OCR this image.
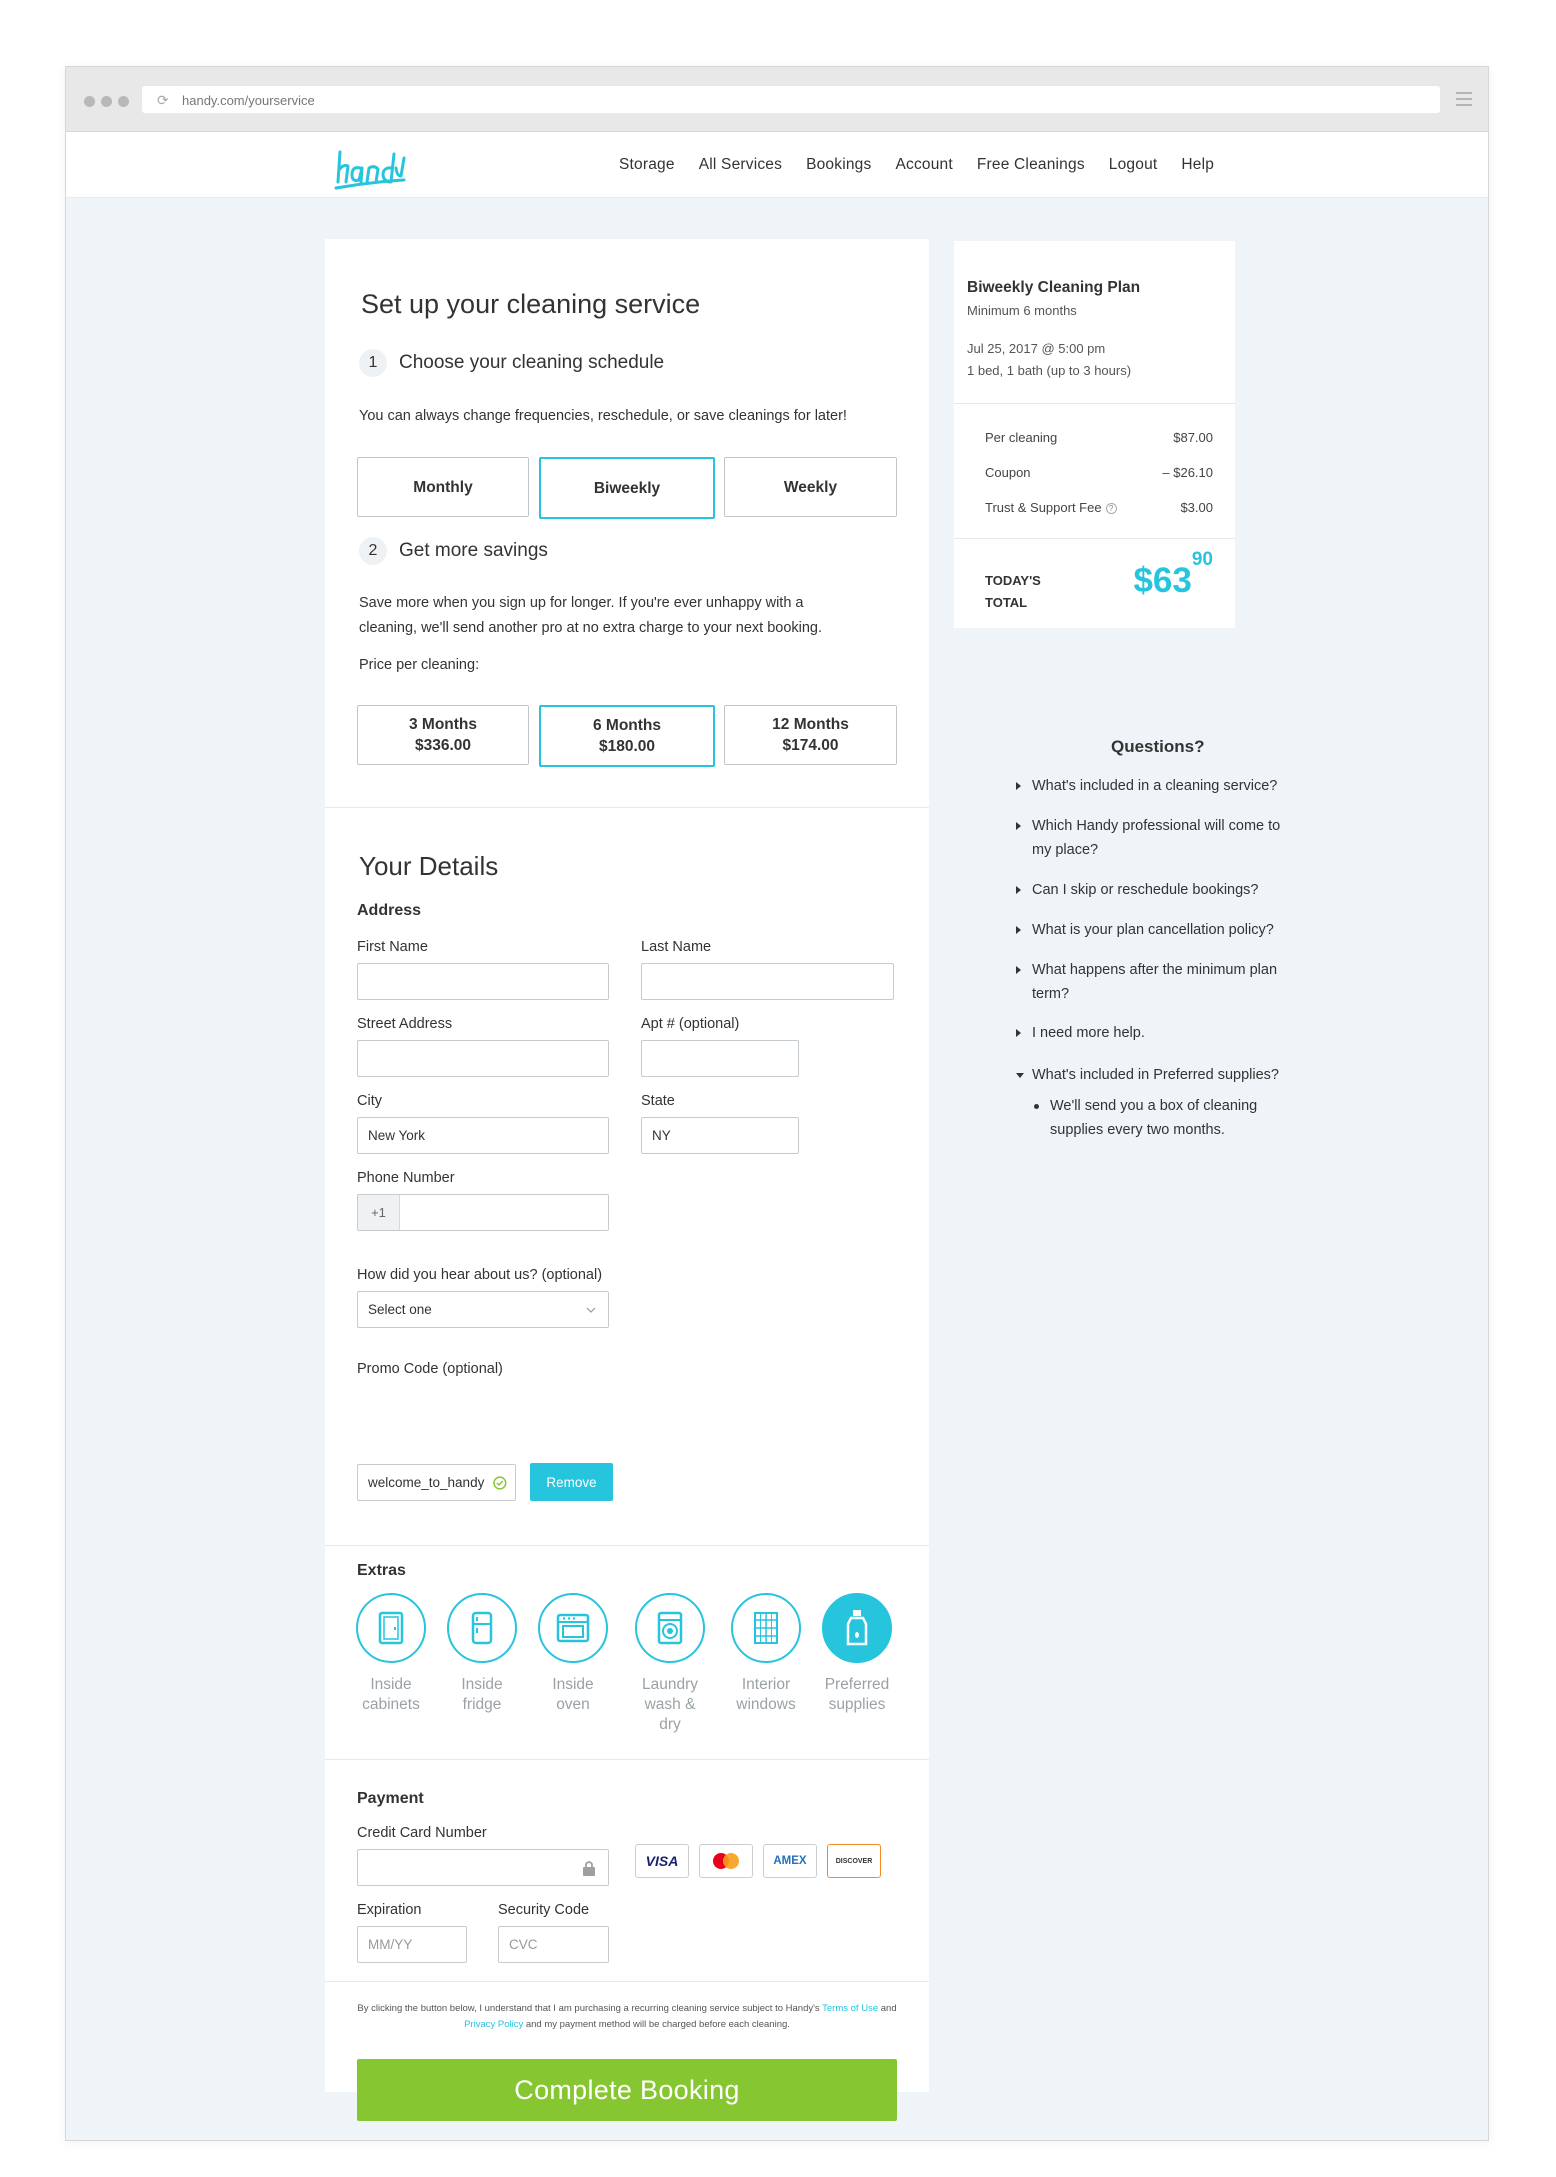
⟳ handy.com/yourservice
Storage All Services Bookings Account Free Cleanings Logout Help
Set up your cleaning service
1	Choose your cleaning schedule
You can always change frequencies, reschedule, or save cleanings for later!
Monthly	Biweekly	Weekly
2	Get more savings
Save more when you sign up for longer. If you're ever unhappy with a
cleaning, we'll send another pro at no extra charge to your next booking.
Price per cleaning:
3 Months
$336.00
6 Months
$180.00
12 Months
$174.00
Your Details
Address
First Name	Last Name
Street Address	Apt # (optional)
City	State
New York	NY
Phone Number
+1
How did you hear about us? (optional)
Select one
Promo Code (optional)
welcome_to_handy	Remove
Extras
Inside
cabinets
Inside
fridge
Inside
oven
Laundry
wash & dry
Interior
windows
Preferred
supplies
Payment
Credit Card Number
VISA	AMEX	DISCOVER
Expiration	Security Code
MM/YY	CVC
By clicking the button below, I understand that I am purchasing a recurring cleaning service subject to Handy's Terms of Use and Privacy Policy and my payment method will be charged before each cleaning.
Complete Booking
Biweekly Cleaning Plan
Minimum 6 months
Jul 25, 2017 @ 5:00 pm
1 bed, 1 bath (up to 3 hours)
Per cleaning	$87.00
Coupon	– $26.10
Trust & Support Fee ?	$3.00
TODAY'S
TOTAL
$\$63^{90}$
Questions?
What's included in a cleaning service?
Which Handy professional will come to my place?
Can I skip or reschedule bookings?
What is your plan cancellation policy?
What happens after the minimum plan term?
I need more help.
What's included in Preferred supplies?
We'll send you a box of cleaning supplies every two months.
